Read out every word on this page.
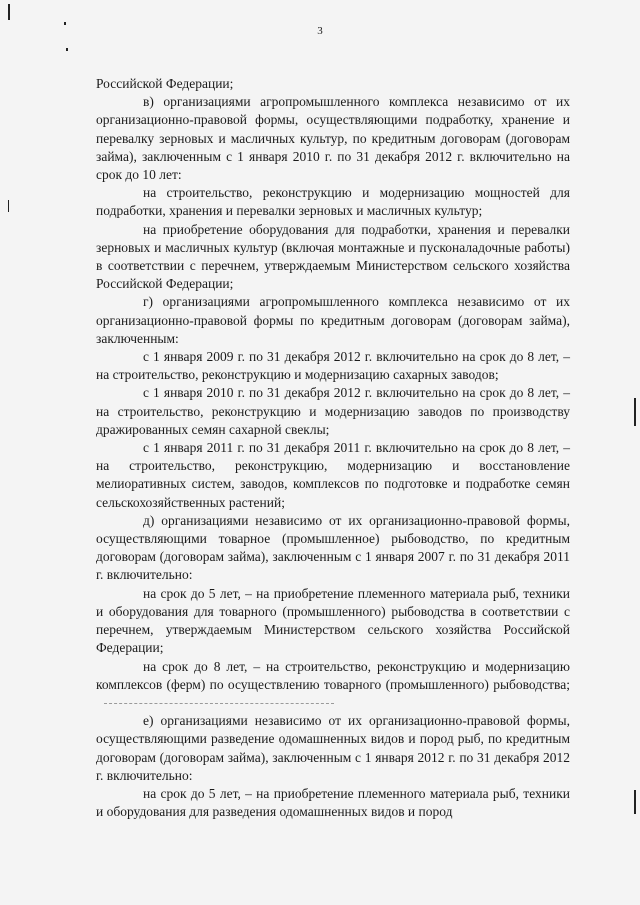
3

Российской Федерации;

в) организациями агропромышленного комплекса независимо от их организационно-правовой формы, осуществляющими подработку, хранение и перевалку зерновых и масличных культур, по кредитным договорам (договорам займа), заключенным с 1 января 2010 г. по 31 декабря 2012 г. включительно на срок до 10 лет:

на строительство, реконструкцию и модернизацию мощностей для подработки, хранения и перевалки зерновых и масличных культур;

на приобретение оборудования для подработки, хранения и перевалки зерновых и масличных культур (включая монтажные и пусконаладочные работы) в соответствии с перечнем, утверждаемым Министерством сельского хозяйства Российской Федерации;

г) организациями агропромышленного комплекса независимо от их организационно-правовой формы по кредитным договорам (договорам займа), заключенным:

с 1 января 2009 г. по 31 декабря 2012 г. включительно на срок до 8 лет, – на строительство, реконструкцию и модернизацию сахарных заводов;

с 1 января 2010 г. по 31 декабря 2012 г. включительно на срок до 8 лет, – на строительство, реконструкцию и модернизацию заводов по производству дражированных семян сахарной свеклы;

с 1 января 2011 г. по 31 декабря 2011 г. включительно на срок до 8 лет, – на строительство, реконструкцию, модернизацию и восстановление мелиоративных систем, заводов, комплексов по подготовке и подработке семян сельскохозяйственных растений;

д) организациями независимо от их организационно-правовой формы, осуществляющими товарное (промышленное) рыбоводство, по кредитным договорам (договорам займа), заключенным с 1 января 2007 г. по 31 декабря 2011 г. включительно:

на срок до 5 лет, – на приобретение племенного материала рыб, техники и оборудования для товарного (промышленного) рыбоводства в соответствии с перечнем, утверждаемым Министерством сельского хозяйства Российской Федерации;

на срок до 8 лет, – на строительство, реконструкцию и модернизацию комплексов (ферм) по осуществлению товарного (промышленного) рыбоводства;

е) организациями независимо от их организационно-правовой формы, осуществляющими разведение одомашненных видов и пород рыб, по кредитным договорам (договорам займа), заключенным с 1 января 2012 г. по 31 декабря 2012 г. включительно:

на срок до 5 лет, – на приобретение племенного материала рыб, техники и оборудования для разведения одомашненных видов и пород
